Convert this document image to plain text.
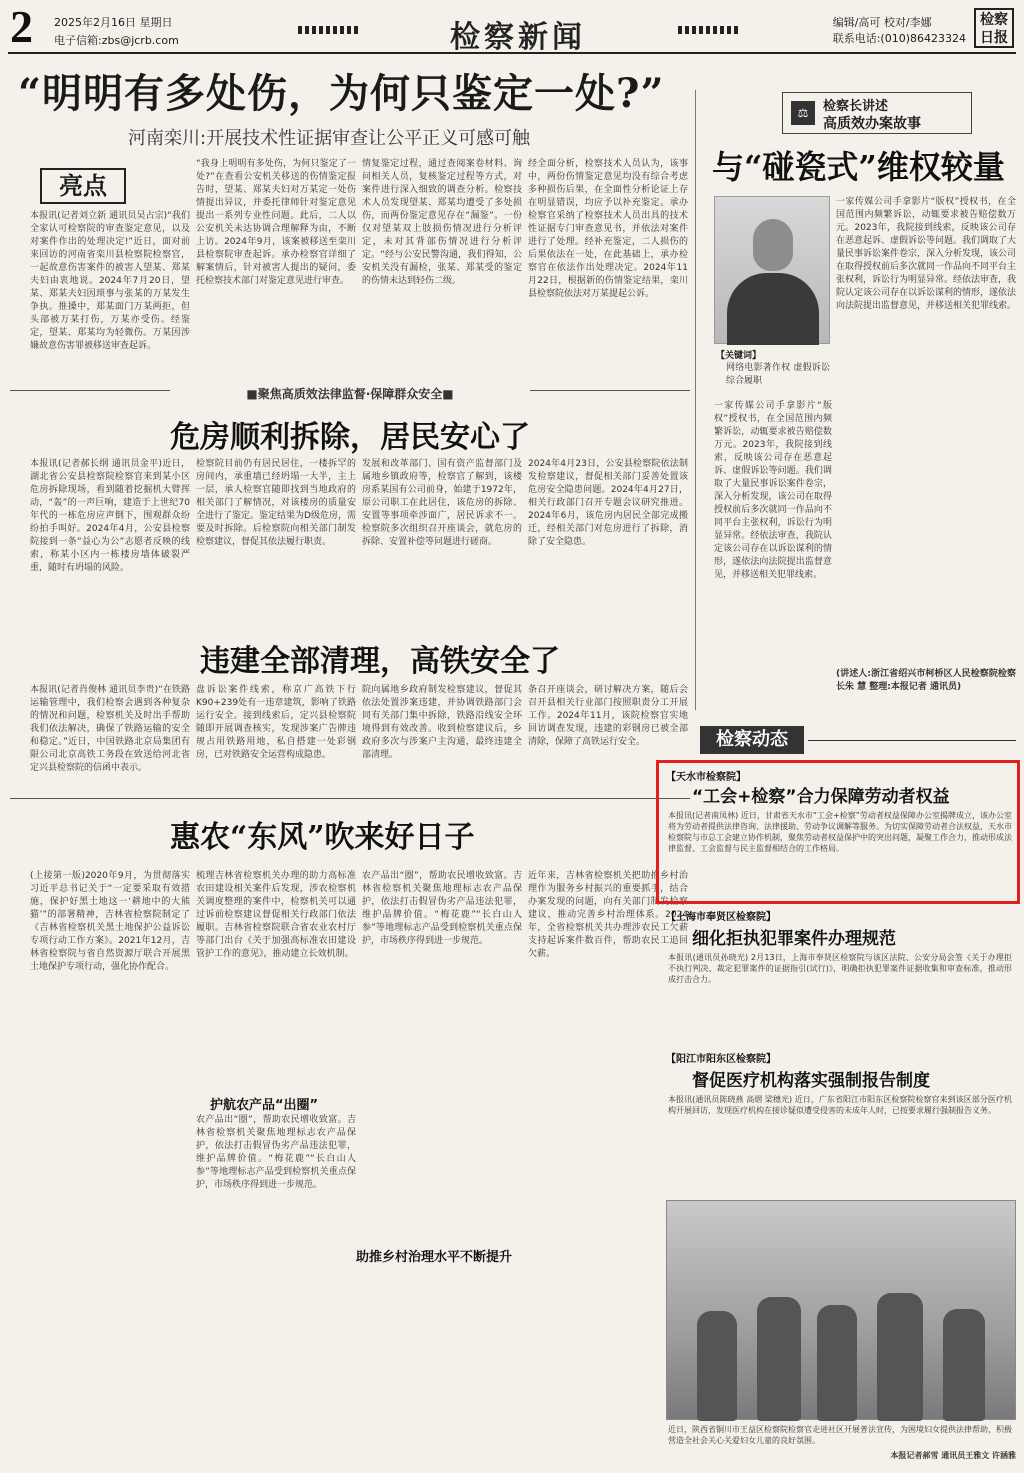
2 2025年2月16日 星期日
电子信箱:zbs@jcrb.com	检察新闻	编辑/高可 校对/李娜
联系电话:(010)86423324
检察日报
“明明有多处伤，为何只鉴定一处?”
河南栾川:开展技术性证据审查让公平正义可感可触
亮点
本报讯(记者刘立新 通讯员吴占宗)“我们全家认可检察院的审查鉴定意见，以及对案件作出的处理决定!”近日，面对前来回访的河南省栾川县检察院检察官，一起故意伤害案件的被害人望某、郑某夫妇由衷地说。2024年7月20日，望某、郑某夫妇因琐事与张某的万某发生争执。推搡中，郑某面门万某两拒，但头部被万某打伤，万某亦受伤。经鉴定，望某、郑某均为轻微伤。万某因涉嫌故意伤害罪被移送审查起诉。
“我身上明明有多处伤，为何只鉴定了一处?”在查看公安机关移送的伤情鉴定报告时，望某、郑某夫妇对万某定一处伤情提出异议，并委托律师针对鉴定意见提出一系列专业性问题。此后，二人以公安机关未达协调合理解释为由，不断上访。2024年9月，该案被移送至栾川县检察院审查起诉。承办检察官详细了解案情后，针对被害人提出的疑问，委托检察技术部门对鉴定意见进行审查。
情复鉴定过程，通过查阅案卷材料、询问相关人员，复核鉴定过程等方式，对案件进行深入细致的调查分析。检察技术人员发现望某、郑某均遭受了多处损伤，而两份鉴定意见存在“漏鉴”。一份仅对望某双上肢损伤情况进行分析评定，未对其背部伤情况进行分析评定。“经与公安民警沟通，我们得知，公安机关没有漏检，张某、郑某受的鉴定的伤情未达到轻伤二级。
经全面分析，检察技术人员认为，该事中，两份伤情鉴定意见均没有综合考虑多种损伤后果，在全面性分析论证上存在明显错误，均应予以补充鉴定。承办检察官采纳了检察技术人员出具的技术性证据专门审查意见书，并依法对案件进行了处理。经补充鉴定，二人损伤的后果依法在一处，在此基础上，承办检察官在依法作出处理决定。2024年11月22日，根据新的伤情鉴定结果，栾川县检察院依法对万某提起公诉。
■聚焦高质效法律监督·保障群众安全■
危房顺利拆除，居民安心了
本报讯(记者郝长纲 通讯员金平)近日，湖北省公安县检察院检察官来到某小区危房拆除现场，看到随着挖掘机大臂挥动，“轰”的一声巨响，建造于上世纪70年代的一栋危房应声倒下，围观群众纷纷拍手叫好。2024年4月，公安县检察院接到一条“益心为公”志愿者反映的线索，称某小区内一栋楼房墙体破裂严重，随时有坍塌的风险。
检察院目前仍有居民居住，一楼拆罕的房间内，承重墙已经坍塌一大半，主上一层，承人检察官随即找到当地政府的相关部门了解情况，对该楼房的质量安全进行了鉴定。鉴定结果为D级危房，需要及时拆除。后检察院向相关部门制发检察建议，督促其依法履行职责。
发展和改革部门、国有资产监督部门及属地乡镇政府等，检察官了解到，该楼房系某国有公司前身，始建于1972年，原公司职工在此居住，该危房的拆除、安置等事项牵涉面广，居民诉求不一。检察院多次组织召开座谈会，就危房的拆除、安置补偿等问题进行磋商。
2024年4月23日，公安县检察院依法制发检察建议，督促相关部门妥善处置该危房安全隐患问题。2024年4月27日，相关行政部门召开专题会议研究推进。2024年6月，该危房内居民全部完成搬迁，经相关部门对危房进行了拆除，消除了安全隐患。
违建全部清理，高铁安全了
本报讯(记者肖俊林 通讯员李贵)“在铁路运输管理中，我们检察会遇到各种复杂的情况和问题，检察机关及时出手帮助我们依法解决，确保了铁路运输的安全和稳定。”近日，中国铁路北京局集团有限公司北京高铁工务段在致送给河北省定兴县检察院的信函中表示。
盘诉讼案件线索，称京广高铁下行K90+239处有一违章建筑，影响了铁路运行安全。接到线索后，定兴县检察院随即开展调查核实，发现涉案广告牌违规占用铁路用地，私自搭建一处彩钢房，已对铁路安全运营构成隐患。
院向属地乡政府制发检察建议，督促其依法处置涉案违建，并协调铁路部门会同有关部门集中拆除，铁路沿线安全环境得到有效改善。收到检察建议后，乡政府多次与涉案户主沟通，最终违建全部清理。
条召开座谈会，研讨解决方案，随后会召开县相关行业部门按照职责分工开展工作。2024年11月，该院检察官实地回访调查发现，违建的彩钢房已被全部清除，保障了高铁运行安全。
惠农“东风”吹来好日子
(上接第一版)2020年9月，为贯彻落实习近平总书记关于“一定要采取有效措施，保护好黑土地这一‘耕地中的大熊猫’”的部署精神，吉林省检察院制定了《吉林省检察机关黑土地保护公益诉讼专项行动工作方案》。2021年12月，吉林省检察院与省自然资源厅联合开展黑土地保护专项行动，强化协作配合。
梳理吉林省检察机关办理的助力高标准农田建设相关案件后发现，涉农检察机关调度整理的案件中，检察机关可以通过诉前检察建议督促相关行政部门依法履职。吉林省检察院联合省农业农村厅等部门出台《关于加强高标准农田建设管护工作的意见》，推动建立长效机制。
护航农产品“出圈”
农产品出“圈”，帮助农民增收致富。吉林省检察机关聚焦地理标志农产品保护，依法打击假冒伪劣产品违法犯罪，维护品牌价值。“梅花鹿”“长白山人参”等地理标志产品受到检察机关重点保护，市场秩序得到进一步规范。
助推乡村治理水平不断提升
农产品出“圈”，帮助农民增收致富。吉林省检察机关聚焦地理标志农产品保护，依法打击假冒伪劣产品违法犯罪，维护品牌价值。“梅花鹿”“长白山人参”等地理标志产品受到检察机关重点保护，市场秩序得到进一步规范。
近年来，吉林省检察机关把助推乡村治理作为服务乡村振兴的重要抓手，结合办案发现的问题，向有关部门制发检察建议，推动完善乡村治理体系。2024年，全省检察机关共办理涉农民工欠薪支持起诉案件数百件，帮助农民工追回欠薪。
⚖	检察长讲述
高质效办案故事
与“碰瓷式”维权较量
【关键词】
网络电影著作权 虚假诉讼 综合履职
一家传媒公司手拿影片“版权”授权书，在全国范围内频繁诉讼，动辄要求被告赔偿数万元。2023年，我院接到线索，反映该公司存在恶意起诉、虚假诉讼等问题。我们调取了大量民事诉讼案件卷宗，深入分析发现，该公司在取得授权前后多次就同一作品向不同平台主张权利，诉讼行为明显异常。经依法审查，我院认定该公司存在以诉讼谋利的情形，遂依法向法院提出监督意见，并移送相关犯罪线索。
一家传媒公司手拿影片“版权”授权书，在全国范围内频繁诉讼，动辄要求被告赔偿数万元。2023年，我院接到线索，反映该公司存在恶意起诉、虚假诉讼等问题。我们调取了大量民事诉讼案件卷宗，深入分析发现，该公司在取得授权前后多次就同一作品向不同平台主张权利，诉讼行为明显异常。经依法审查，我院认定该公司存在以诉讼谋利的情形，遂依法向法院提出监督意见，并移送相关犯罪线索。
(讲述人:浙江省绍兴市柯桥区人民检察院检察长朱 慧 整理:本报记者 通讯员)
检察动态
【天水市检察院】
“工会+检察”合力保障劳动者权益
本报讯(记者南凤林) 近日，甘肃省天水市“工会+检察”劳动者权益保障办公室揭牌成立，该办公室将为劳动者提供法律咨询、法律援助、劳动争议调解等服务。为切实保障劳动者合法权益，天水市检察院与市总工会建立协作机制，聚焦劳动者权益保护中的突出问题，凝聚工作合力，推动形成法律监督、工会监督与民主监督相结合的工作格局。
【上海市奉贤区检察院】
细化拒执犯罪案件办理规范
本报讯(通讯员孙晓光) 2月13日，上海市奉贤区检察院与该区法院、公安分局会签《关于办理拒不执行判决、裁定犯罪案件的证据指引(试行)》，明确拒执犯罪案件证据收集和审查标准，推动形成打击合力。
【阳江市阳东区检察院】
督促医疗机构落实强制报告制度
本报讯(通讯员陈晓燕 高熠 梁穗光) 近日，广东省阳江市阳东区检察院检察官来到该区部分医疗机构开展回访，发现医疗机构在接诊疑似遭受侵害的未成年人时，已按要求履行强制报告义务。
近日，陕西省铜川市王益区检察院检察官走进社区开展普法宣传，为困境妇女提供法律帮助，积极营造全社会关心关爱妇女儿童的良好氛围。
本报记者郝雪 通讯员王雅文 许涵雅
